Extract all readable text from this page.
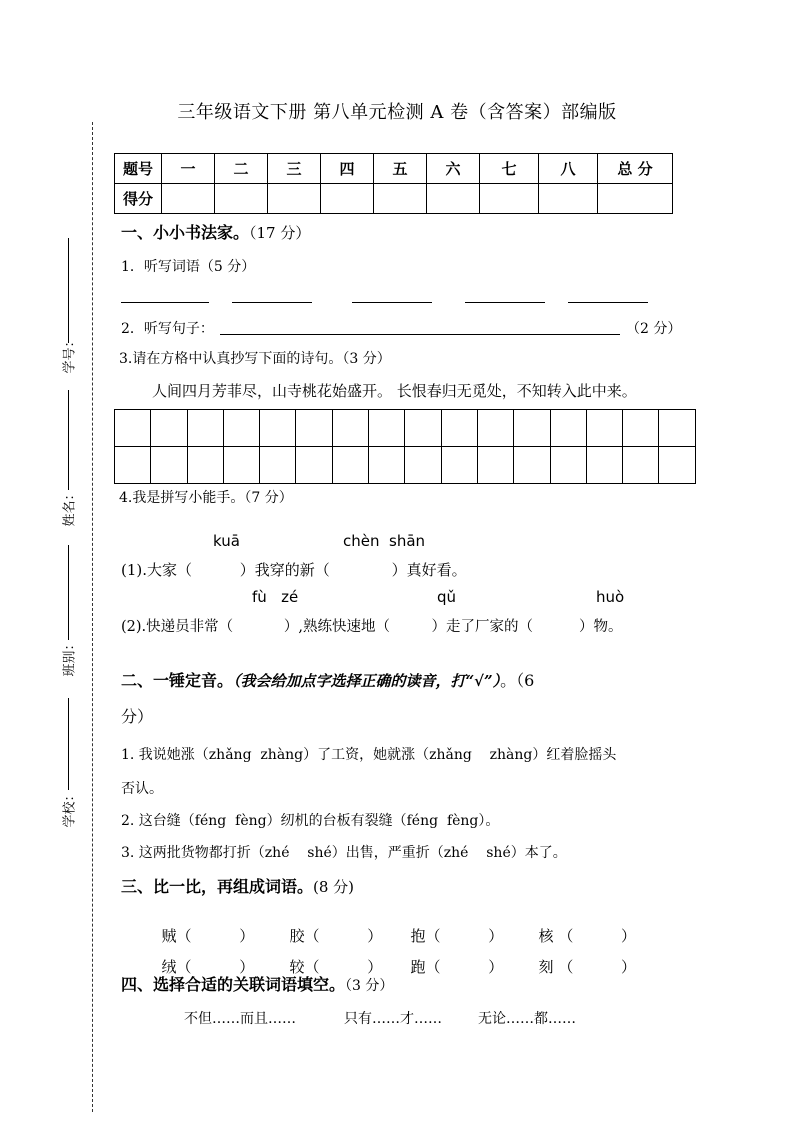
三年级语文下册 第八单元检测 A 卷（含答案）部编版
学号：
姓名：
班别：
学校：
题号	一	二	三	四	五	六	七	八	总 分
得分									
一、小小书法家。（17 分）
1．听写词语（5 分）
2．听写句子：	（2 分）
3.请在方格中认真抄写下面的诗句。（3 分）
人间四月芳菲尽，山寺桃花始盛开。 长恨春归无觅处，不知转入此中来。

4.我是拼写小能手。（7 分）
kuā	chèn  shān
(1).大家（          ）我穿的新（             ）真好看。
fù   zé	qǔ	huò
(2).快递员非常（           ）,熟练快速地（         ）走了厂家的（          ）物。
二、一锤定音。（我会给加点字选择正确的读音，打“√”）。（6
分）
1. 我说她涨（zhǎng  zhàng）了工资，她就涨（zhǎng    zhàng）红着脸摇头
否认。
2. 这台缝（féng  fèng）纫机的台板有裂缝（féng  fèng）。
3. 这两批货物都打折（zhé    shé）出售，严重折（zhé    shé）本了。
三、比一比，再组成词语。(8 分)

贼（          ） 胶（          ） 抱（          ） 核 （          ）

绒（          ） 较（          ） 跑（          ） 刻 （          ）

四、选择合适的关联词语填空。（3 分）
不但……而且……	只有……才……	无论……都……
